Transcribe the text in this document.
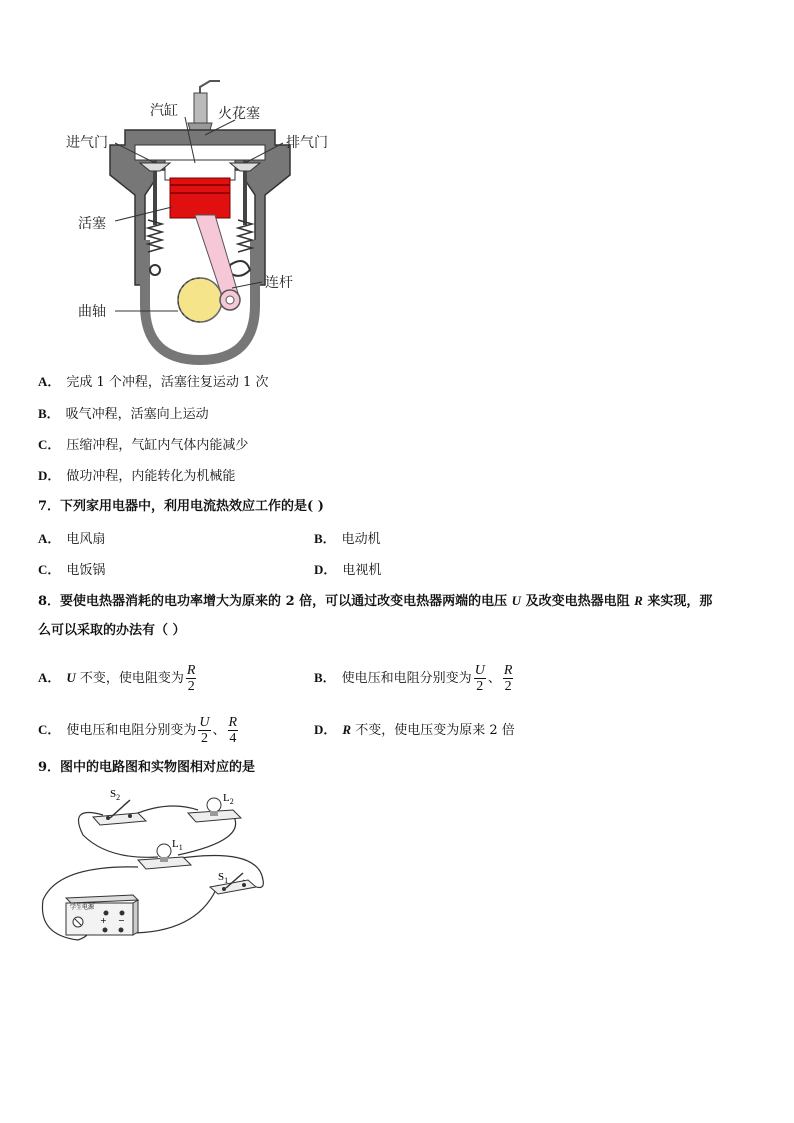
汽缸	火花塞
进气门	排气门
活塞
连杆
曲轴
A． 完成 1 个冲程，活塞往复运动 1 次
B． 吸气冲程，活塞向上运动
C． 压缩冲程，气缸内气体内能减少
D． 做功冲程，内能转化为机械能
7．下列家用电器中，利用电流热效应工作的是( )
A． 电风扇	B． 电动机
C． 电饭锅	D． 电视机
8．要使电热器消耗的电功率增大为原来的 2 倍，可以通过改变电热器两端的电压 U 及改变电热器电阻 R 来实现，那
么可以采取的办法有（ ）
A． U 不变，使电阻变为 $\frac{R}{2}$	B． 使电压和电阻分别变为 $\frac{U}{2}$ 、 $\frac{R}{2}$
C． 使电压和电阻分别变为 $\frac{U}{2}$ 、 $\frac{R}{4}$	D． R 不变，使电压变为原来 2 倍
9．图中的电路图和实物图相对应的是
$S_2$	$L_2$
$L_1$
$S_1$
+ −
学生电源
